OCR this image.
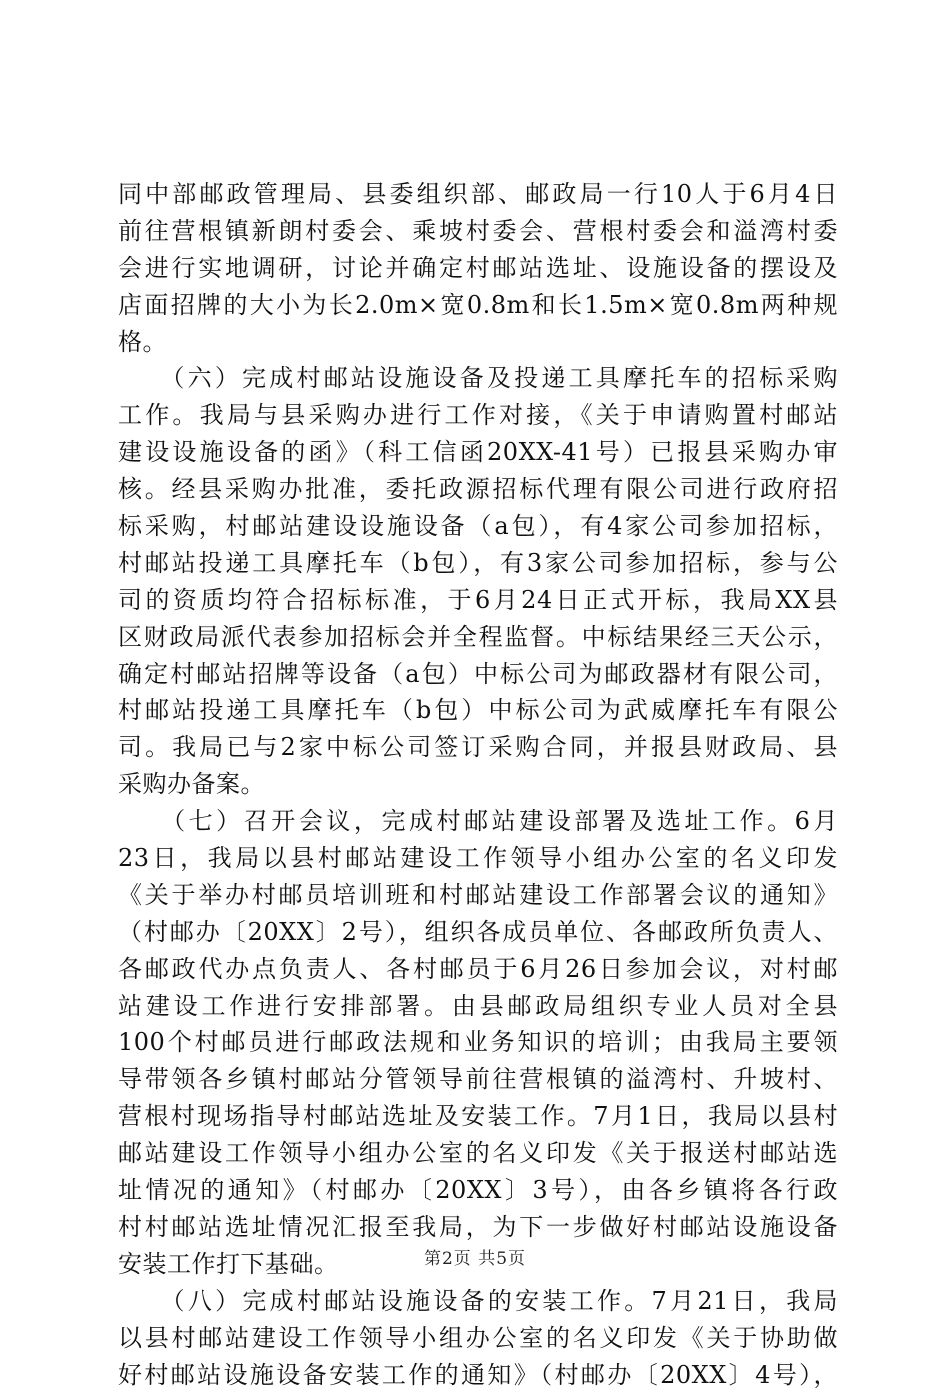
同中部邮政管理局、县委组织部、邮政局一行10人于6月4日
前往营根镇新朗村委会、乘坡村委会、营根村委会和溢湾村委
会进行实地调研，讨论并确定村邮站选址、设施设备的摆设及
店面招牌的大小为长2.0m×宽0.8m和长1.5m×宽0.8m两种规
格。
　　（六）完成村邮站设施设备及投递工具摩托车的招标采购
工作。我局与县采购办进行工作对接，《关于申请购置村邮站
建设设施设备的函》（科工信函20XX-41号）已报县采购办审
核。经县采购办批准，委托政源招标代理有限公司进行政府招
标采购，村邮站建设设施设备（a包），有4家公司参加招标，
村邮站投递工具摩托车（b包），有3家公司参加招标，参与公
司的资质均符合招标标准，于6月24日正式开标，我局XX县
区财政局派代表参加招标会并全程监督。中标结果经三天公示，
确定村邮站招牌等设备（a包）中标公司为邮政器材有限公司，
村邮站投递工具摩托车（b包）中标公司为武威摩托车有限公
司。我局已与2家中标公司签订采购合同，并报县财政局、县
采购办备案。
　　（七）召开会议，完成村邮站建设部署及选址工作。6月
23日，我局以县村邮站建设工作领导小组办公室的名义印发
《关于举办村邮员培训班和村邮站建设工作部署会议的通知》
（村邮办〔20XX〕2号），组织各成员单位、各邮政所负责人、
各邮政代办点负责人、各村邮员于6月26日参加会议，对村邮
站建设工作进行安排部署。由县邮政局组织专业人员对全县
100个村邮员进行邮政法规和业务知识的培训；由我局主要领
导带领各乡镇村邮站分管领导前往营根镇的溢湾村、升坡村、
营根村现场指导村邮站选址及安装工作。7月1日，我局以县村
邮站建设工作领导小组办公室的名义印发《关于报送村邮站选
址情况的通知》（村邮办〔20XX〕3号），由各乡镇将各行政
村村邮站选址情况汇报至我局，为下一步做好村邮站设施设备
安装工作打下基础。
　　（八）完成村邮站设施设备的安装工作。7月21日，我局
以县村邮站建设工作领导小组办公室的名义印发《关于协助做
好村邮站设施设备安装工作的通知》（村邮办〔20XX〕4号），
第2页 共5页
